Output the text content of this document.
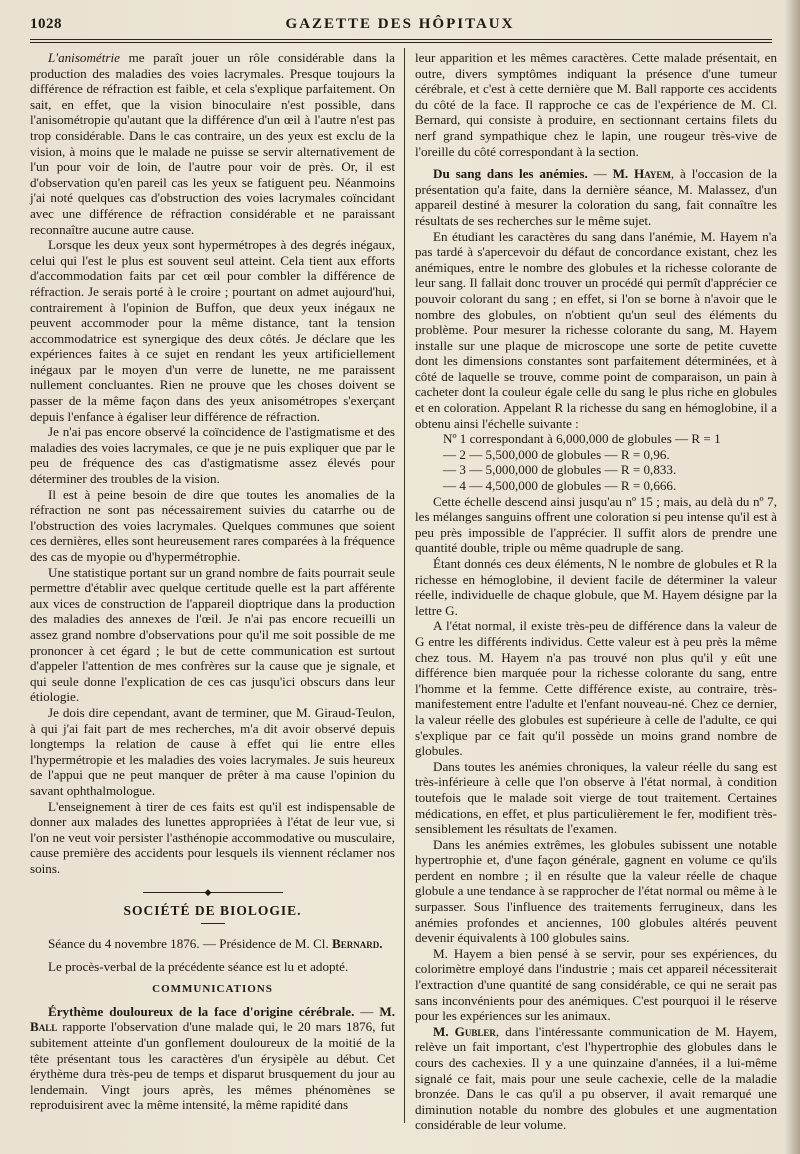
1028	GAZETTE DES HÔPITAUX

L'anisométrie me paraît jouer un rôle considérable dans la production des maladies des voies lacrymales. Presque toujours la différence de réfraction est faible, et cela s'explique parfaitement. On sait, en effet, que la vision binoculaire n'est possible, dans l'anisométropie qu'autant que la différence d'un œil à l'autre n'est pas trop considérable. Dans le cas contraire, un des yeux est exclu de la vision, à moins que le malade ne puisse se servir alternativement de l'un pour voir de loin, de l'autre pour voir de près. Or, il est d'observation qu'en pareil cas les yeux se fatiguent peu. Néanmoins j'ai noté quelques cas d'obstruction des voies lacrymales coïncidant avec une différence de réfraction considérable et ne paraissant reconnaître aucune autre cause.

Lorsque les deux yeux sont hypermétropes à des degrés inégaux, celui qui l'est le plus est souvent seul atteint. Cela tient aux efforts d'accommodation faits par cet œil pour combler la différence de réfraction. Je serais porté à le croire ; pourtant on admet aujourd'hui, contrairement à l'opinion de Buffon, que deux yeux inégaux ne peuvent accommoder pour la même distance, tant la tension accommodatrice est synergique des deux côtés. Je déclare que les expériences faites à ce sujet en rendant les yeux artificiellement inégaux par le moyen d'un verre de lunette, ne me paraissent nullement concluantes. Rien ne prouve que les choses doivent se passer de la même façon dans des yeux anisométropes s'exerçant depuis l'enfance à égaliser leur différence de réfraction.

Je n'ai pas encore observé la coïncidence de l'astigmatisme et des maladies des voies lacrymales, ce que je ne puis expliquer que par le peu de fréquence des cas d'astigmatisme assez élevés pour déterminer des troubles de la vision.

Il est à peine besoin de dire que toutes les anomalies de la réfraction ne sont pas nécessairement suivies du catarrhe ou de l'obstruction des voies lacrymales. Quelques communes que soient ces dernières, elles sont heureusement rares comparées à la fréquence des cas de myopie ou d'hypermétrophie.

Une statistique portant sur un grand nombre de faits pourrait seule permettre d'établir avec quelque certitude quelle est la part afférente aux vices de construction de l'appareil dioptrique dans la production des maladies des annexes de l'œil. Je n'ai pas encore recueilli un assez grand nombre d'observations pour qu'il me soit possible de me prononcer à cet égard ; le but de cette communication est surtout d'appeler l'attention de mes confrères sur la cause que je signale, et qui seule donne l'explication de ces cas jusqu'ici obscurs dans leur étiologie.

Je dois dire cependant, avant de terminer, que M. Giraud-Teulon, à qui j'ai fait part de mes recherches, m'a dit avoir observé depuis longtemps la relation de cause à effet qui lie entre elles l'hypermétropie et les maladies des voies lacrymales. Je suis heureux de l'appui que ne peut manquer de prêter à ma cause l'opinion du savant ophthalmologue.

L'enseignement à tirer de ces faits est qu'il est indispensable de donner aux malades des lunettes appropriées à l'état de leur vue, si l'on ne veut voir persister l'asthénopie accommodative ou musculaire, cause première des accidents pour lesquels ils viennent réclamer nos soins.

◆
SOCIÉTÉ DE BIOLOGIE.

Séance du 4 novembre 1876. — Présidence de M. Cl. Bernard.

Le procès-verbal de la précédente séance est lu et adopté.

COMMUNICATIONS

Érythème douloureux de la face d'origine cérébrale. — M. Ball rapporte l'observation d'une malade qui, le 20 mars 1876, fut subitement atteinte d'un gonflement douloureux de la moitié de la tête présentant tous les caractères d'un érysipèle au début. Cet érythème dura très-peu de temps et disparut brusquement du jour au lendemain. Vingt jours après, les mêmes phénomènes se reproduisirent avec la même intensité, la même rapidité dans

leur apparition et les mêmes caractères. Cette malade présentait, en outre, divers symptômes indiquant la présence d'une tumeur cérébrale, et c'est à cette dernière que M. Ball rapporte ces accidents du côté de la face. Il rapproche ce cas de l'expérience de M. Cl. Bernard, qui consiste à produire, en sectionnant certains filets du nerf grand sympathique chez le lapin, une rougeur très-vive de l'oreille du côté correspondant à la section.

Du sang dans les anémies. — M. Hayem, à l'occasion de la présentation qu'a faite, dans la dernière séance, M. Malassez, d'un appareil destiné à mesurer la coloration du sang, fait connaître les résultats de ses recherches sur le même sujet.

En étudiant les caractères du sang dans l'anémie, M. Hayem n'a pas tardé à s'apercevoir du défaut de concordance existant, chez les anémiques, entre le nombre des globules et la richesse colorante de leur sang. Il fallait donc trouver un procédé qui permît d'apprécier ce pouvoir colorant du sang ; en effet, si l'on se borne à n'avoir que le nombre des globules, on n'obtient qu'un seul des éléments du problème. Pour mesurer la richesse colorante du sang, M. Hayem installe sur une plaque de microscope une sorte de petite cuvette dont les dimensions constantes sont parfaitement déterminées, et à côté de laquelle se trouve, comme point de comparaison, un pain à cacheter dont la couleur égale celle du sang le plus riche en globules et en coloration. Appelant R la richesse du sang en hémoglobine, il a obtenu ainsi l'échelle suivante :

Nº 1 correspondant à 6,000,000 de globules — R = 1
— 2 — 5,500,000 de globules — R = 0,96.
— 3 — 5,000,000 de globules — R = 0,833.
— 4 — 4,500,000 de globules — R = 0,666.

Cette échelle descend ainsi jusqu'au nº 15 ; mais, au delà du nº 7, les mélanges sanguins offrent une coloration si peu intense qu'il est à peu près impossible de l'apprécier. Il suffit alors de prendre une quantité double, triple ou même quadruple de sang.

Étant donnés ces deux éléments, N le nombre de globules et R la richesse en hémoglobine, il devient facile de déterminer la valeur réelle, individuelle de chaque globule, que M. Hayem désigne par la lettre G.

A l'état normal, il existe très-peu de différence dans la valeur de G entre les différents individus. Cette valeur est à peu près la même chez tous. M. Hayem n'a pas trouvé non plus qu'il y eût une différence bien marquée pour la richesse colorante du sang, entre l'homme et la femme. Cette différence existe, au contraire, très-manifestement entre l'adulte et l'enfant nouveau-né. Chez ce dernier, la valeur réelle des globules est supérieure à celle de l'adulte, ce qui s'explique par ce fait qu'il possède un moins grand nombre de globules.

Dans toutes les anémies chroniques, la valeur réelle du sang est très-inférieure à celle que l'on observe à l'état normal, à condition toutefois que le malade soit vierge de tout traitement. Certaines médications, en effet, et plus particulièrement le fer, modifient très-sensiblement les résultats de l'examen.

Dans les anémies extrêmes, les globules subissent une notable hypertrophie et, d'une façon générale, gagnent en volume ce qu'ils perdent en nombre ; il en résulte que la valeur réelle de chaque globule a une tendance à se rapprocher de l'état normal ou même à le surpasser. Sous l'influence des traitements ferrugineux, dans les anémies profondes et anciennes, 100 globules altérés peuvent devenir équivalents à 100 globules sains.

M. Hayem a bien pensé à se servir, pour ses expériences, du colorimètre employé dans l'industrie ; mais cet appareil nécessiterait l'extraction d'une quantité de sang considérable, ce qui ne serait pas sans inconvénients pour des anémiques. C'est pourquoi il le réserve pour les expériences sur les animaux.

M. Gubler, dans l'intéressante communication de M. Hayem, relève un fait important, c'est l'hypertrophie des globules dans le cours des cachexies. Il y a une quinzaine d'années, il a lui-même signalé ce fait, mais pour une seule cachexie, celle de la maladie bronzée. Dans le cas qu'il a pu observer, il avait remarqué une diminution notable du nombre des globules et une augmentation considérable de leur volume.
